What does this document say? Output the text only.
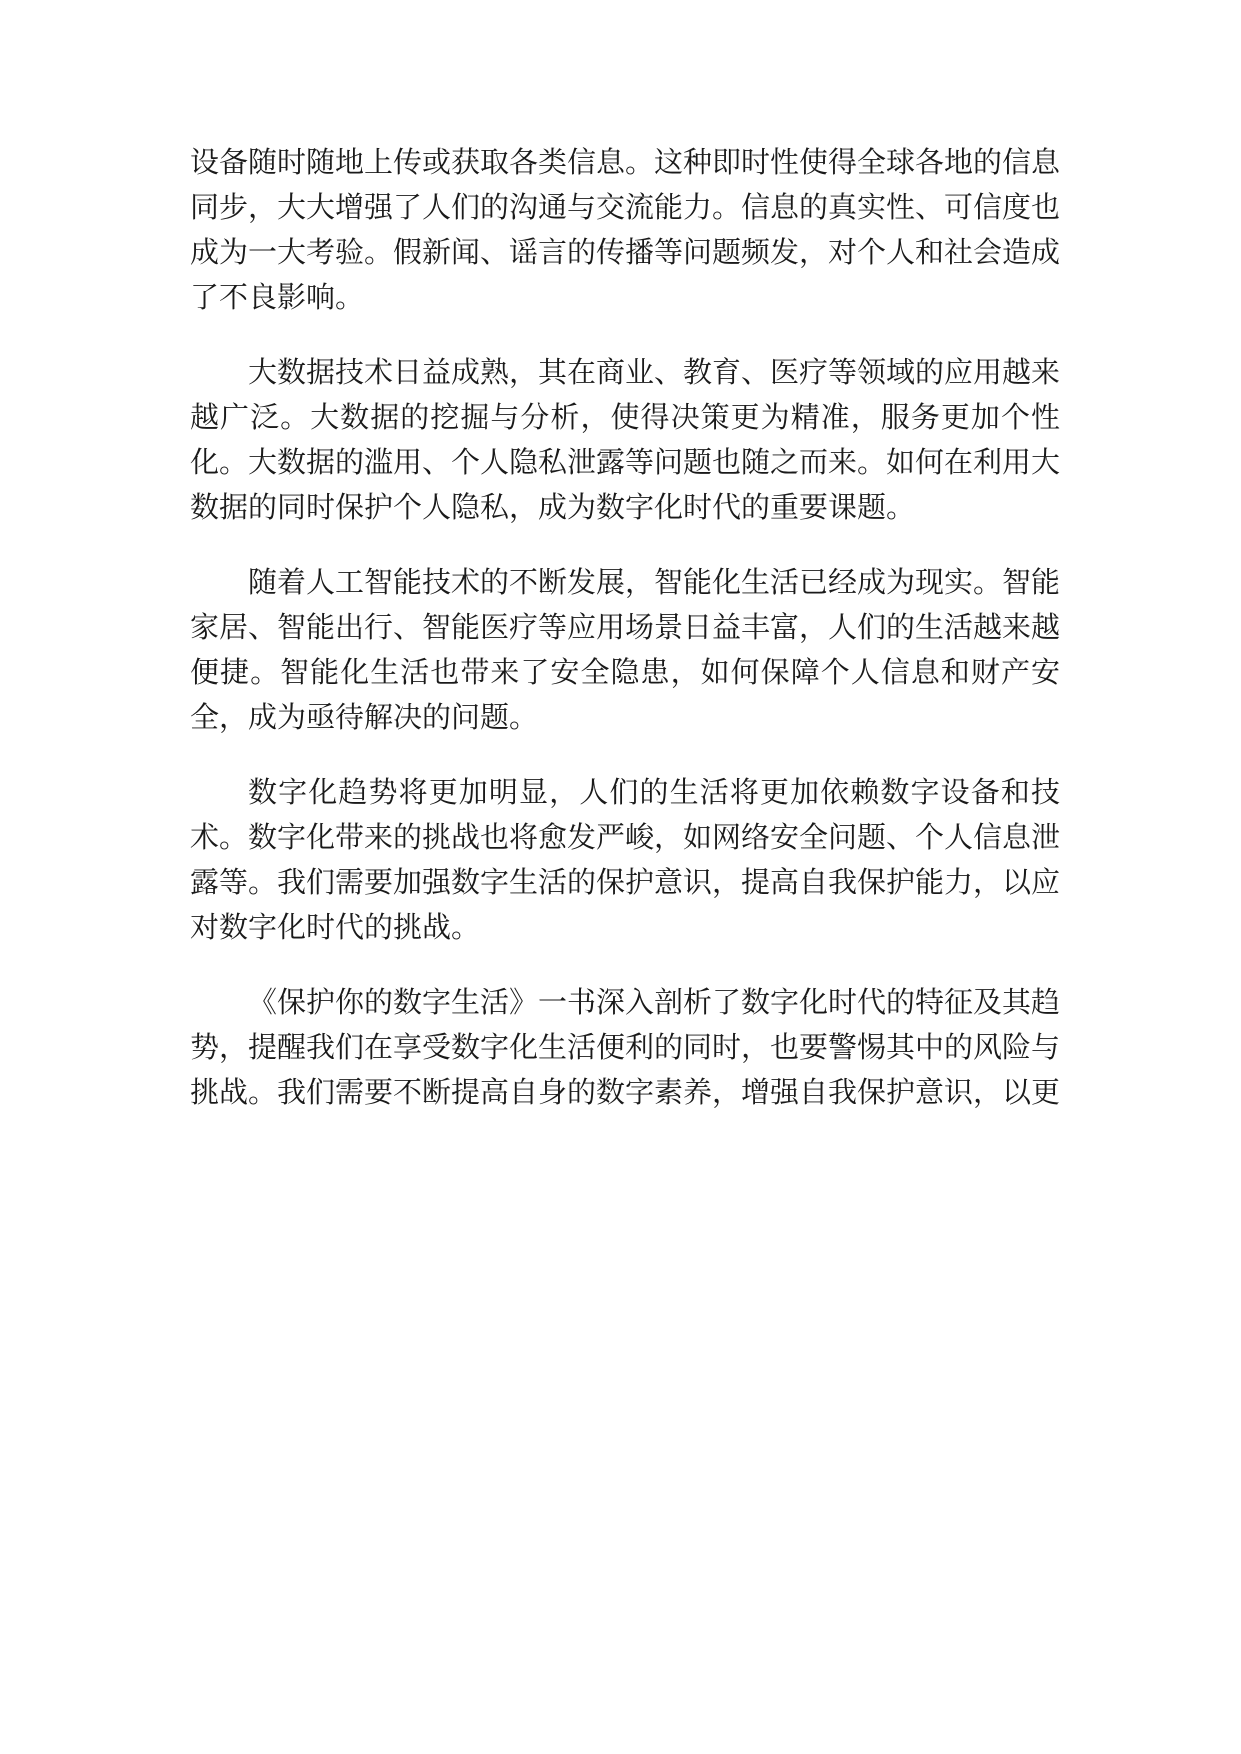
设备随时随地上传或获取各类信息。这种即时性使得全球各地的信息同步，大大增强了人们的沟通与交流能力。信息的真实性、可信度也成为一大考验。假新闻、谣言的传播等问题频发，对个人和社会造成了不良影响。

大数据技术日益成熟，其在商业、教育、医疗等领域的应用越来越广泛。大数据的挖掘与分析，使得决策更为精准，服务更加个性化。大数据的滥用、个人隐私泄露等问题也随之而来。如何在利用大数据的同时保护个人隐私，成为数字化时代的重要课题。

随着人工智能技术的不断发展，智能化生活已经成为现实。智能家居、智能出行、智能医疗等应用场景日益丰富，人们的生活越来越便捷。智能化生活也带来了安全隐患，如何保障个人信息和财产安全，成为亟待解决的问题。

数字化趋势将更加明显，人们的生活将更加依赖数字设备和技术。数字化带来的挑战也将愈发严峻，如网络安全问题、个人信息泄露等。我们需要加强数字生活的保护意识，提高自我保护能力，以应对数字化时代的挑战。

《保护你的数字生活》一书深入剖析了数字化时代的特征及其趋势，提醒我们在享受数字化生活便利的同时，也要警惕其中的风险与挑战。我们需要不断提高自身的数字素养，增强自我保护意识，以更
